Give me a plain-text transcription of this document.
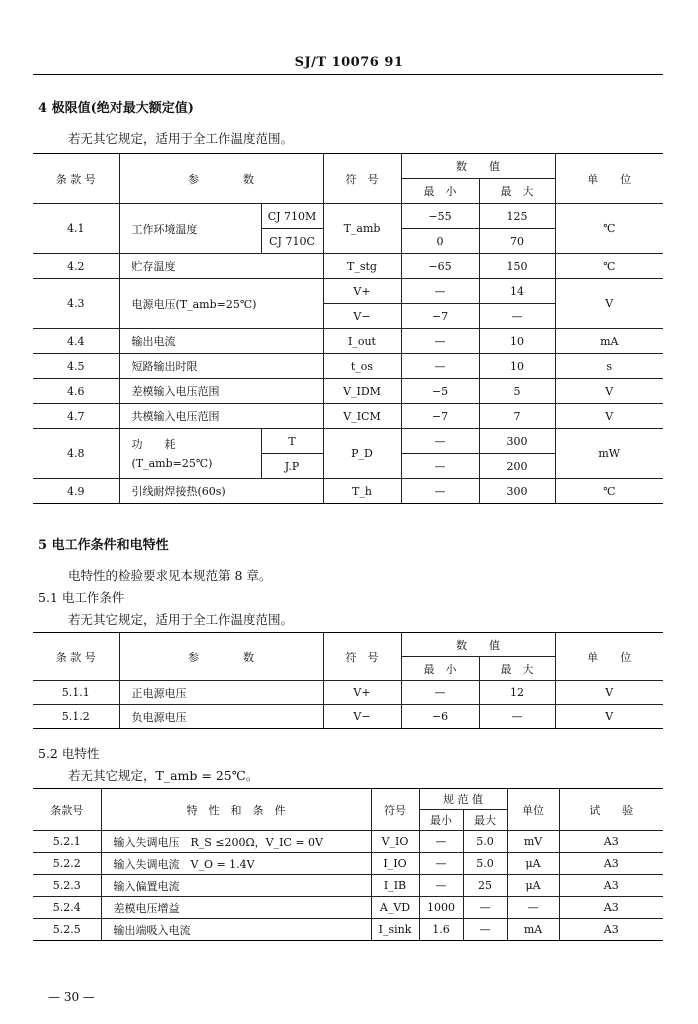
SJ/T 10076 91
4 极限值(绝对最大额定值)
若无其它规定，适用于全工作温度范围。
条 款 号	参　　　　数		符　号	数　　值		单　　位
				最　小	最　大	
4.1	工作环境温度	CJ 710M	T_amb	−55	125	℃
		CJ 710C		0	70	
4.2	贮存温度		T_stg	−65	150	℃
4.3	电源电压(T_amb=25℃)		V+	—	14	V
			V−	−7	—	
4.4	输出电流		I_out	—	10	mA
4.5	短路输出时限		t_os	—	10	s
4.6	差模输入电压范围		V_IDM	−5	5	V
4.7	共模输入电压范围		V_ICM	−7	7	V
4.8	功　　耗
(T_amb=25℃)	T	P_D	—	300	mW
		J.P		—	200	
4.9	引线耐焊接热(60s)		T_h	—	300	℃
5 电工作条件和电特性
电特性的检验要求见本规范第 8 章。
5.1 电工作条件
若无其它规定，适用于全工作温度范围。
条 款 号	参　　　　数	符　号	数　　值		单　　位
			最　小	最　大	
5.1.1	正电源电压	V+	—	12	V
5.1.2	负电源电压	V−	−6	—	V
5.2 电特性
若无其它规定，T_amb = 25℃。
条款号	特　性　和　条　件	符号	规 范 值		单位	试　　验
			最小	最大		
5.2.1	输入失调电压　R_S ≤200Ω，V_IC = 0V	V_IO	—	5.0	mV	A3
5.2.2	输入失调电流　V_O = 1.4V	I_IO	—	5.0	μA	A3
5.2.3	输入偏置电流	I_IB	—	25	μA	A3
5.2.4	差模电压增益	A_VD	1000	—	—	A3
5.2.5	输出端吸入电流	I_sink	1.6	—	mA	A3
— 30 —
